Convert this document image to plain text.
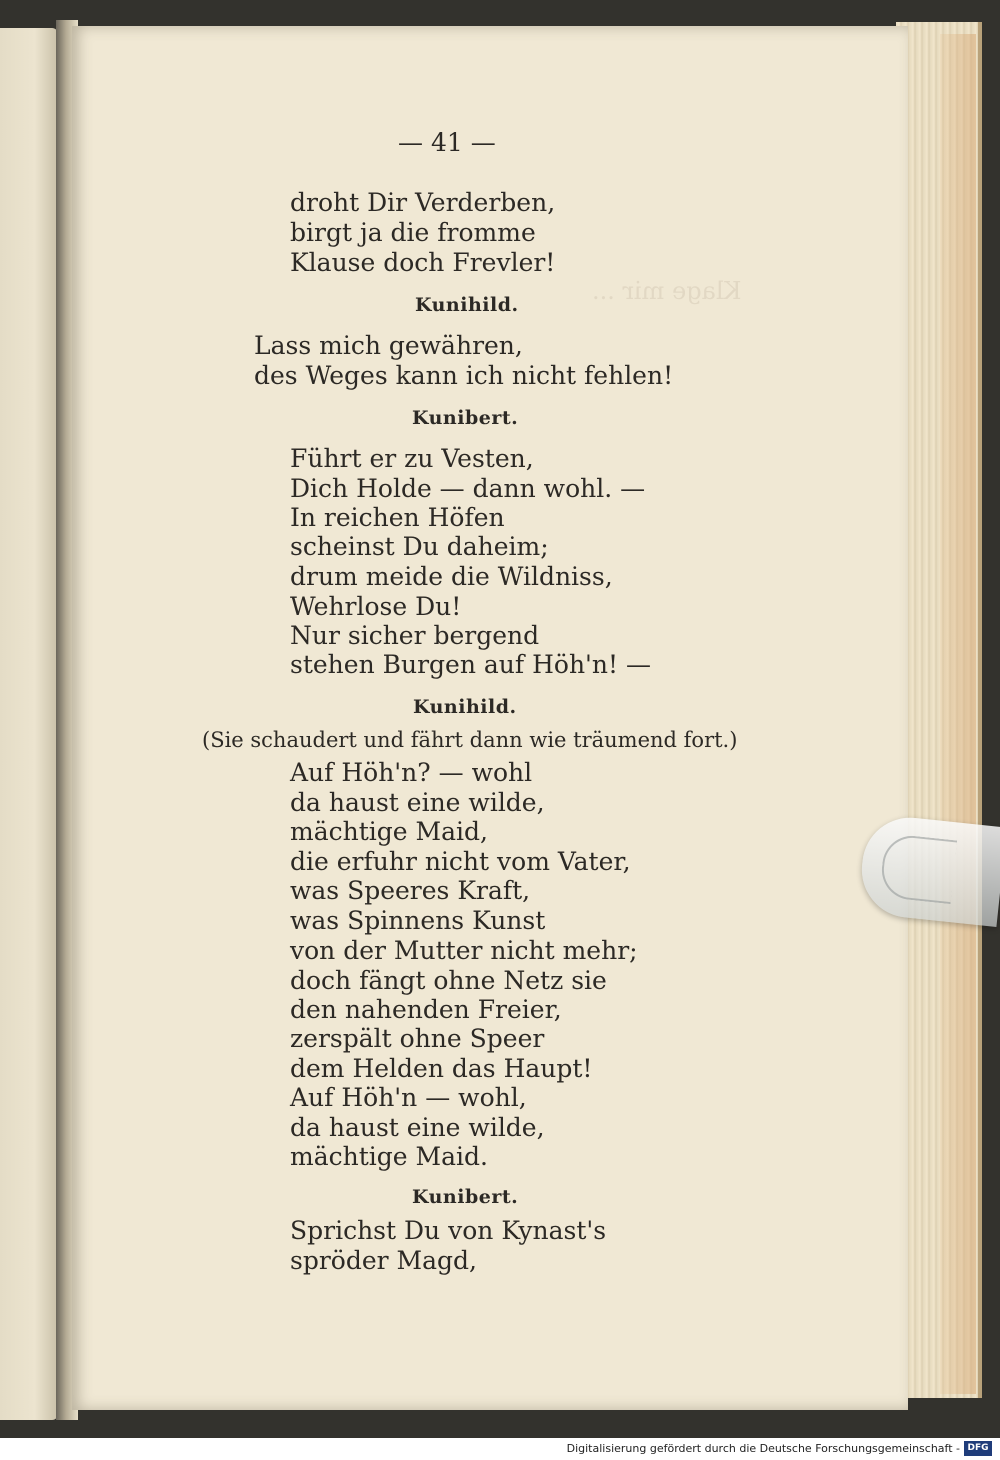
Klage mir ...

— 41 —
droht Dir Verderben,
birgt ja die fromme
Klause doch Frevler!
Kunihild.
Lass mich gewähren,
des Weges kann ich nicht fehlen!
Kunibert.
Führt er zu Vesten,
Dich Holde — dann wohl. —
In reichen Höfen
scheinst Du daheim;
drum meide die Wildniss,
Wehrlose Du!
Nur sicher bergend
stehen Burgen auf Höh'n! —
Kunihild.
(Sie schaudert und fährt dann wie träumend fort.)
Auf Höh'n? — wohl
da haust eine wilde,
mächtige Maid,
die erfuhr nicht vom Vater,
was Speeres Kraft,
was Spinnens Kunst
von der Mutter nicht mehr;
doch fängt ohne Netz sie
den nahenden Freier,
zerspält ohne Speer
dem Helden das Haupt!
Auf Höh'n — wohl,
da haust eine wilde,
mächtige Maid.
Kunibert.
Sprichst Du von Kynast's
spröder Magd,
Digitalisierung gefördert durch die Deutsche Forschungsgemeinschaft - DFG
